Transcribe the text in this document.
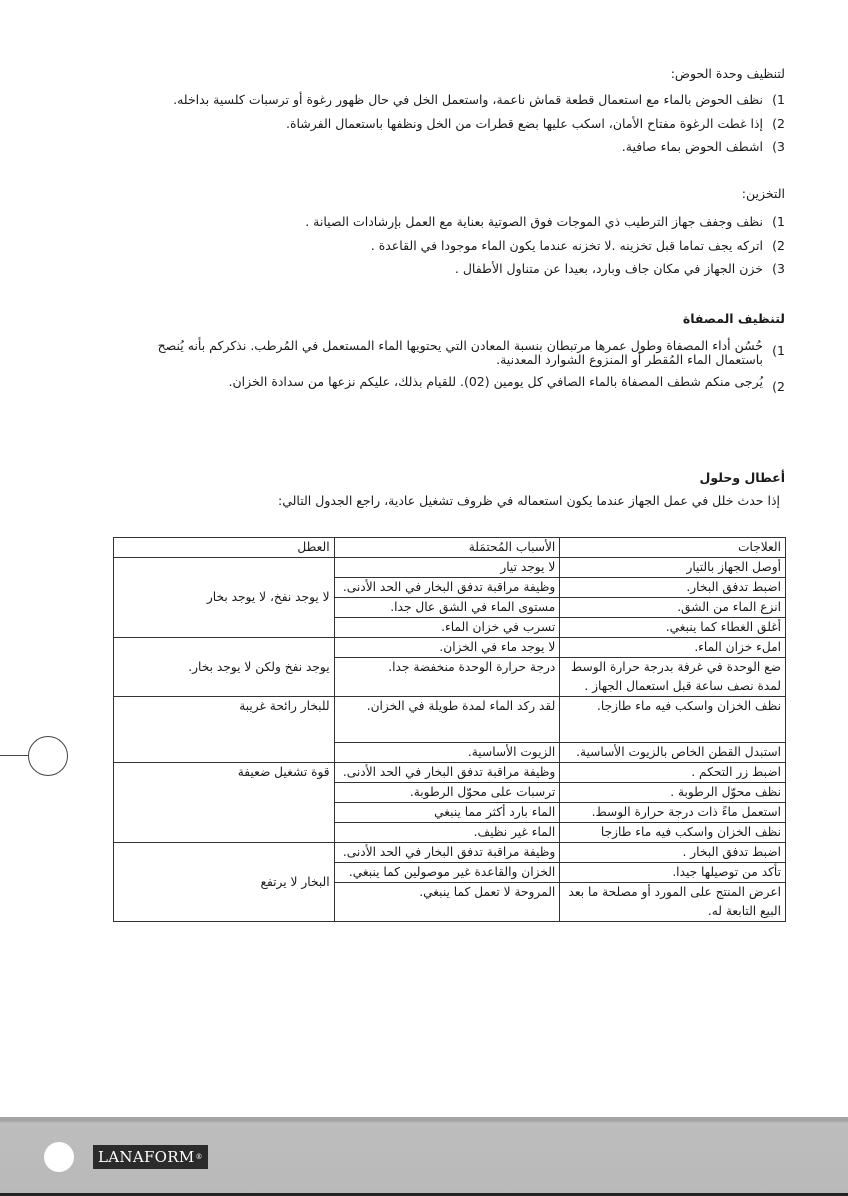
لتنظيف وحدة الحوض:
1)
نظف الحوض بالماء مع استعمال قطعة قماش ناعمة، واستعمل الخل في حال ظهور رغوة أو ترسبات كلسية بداخله.
2)
إذا غطت الرغوة مفتاح الأمان، اسكب عليها بضع قطرات من الخل ونظفها باستعمال الفرشاة.
3)
اشطف الحوض بماء صافية.
التخزين:
1)
نظف وجفف جهاز الترطيب ذي الموجات فوق الصوتية بعناية مع العمل بإرشادات الصيانة .
2)
اتركه يجف تماما قبل تخزينه .لا تخزنه عندما يكون الماء موجودا في القاعدة .
3)
خزن الجهاز في مكان جاف وبارد، بعيدا عن متناول الأطفال .
لتنظيف المصفاة
1)
حُسُن أداء المصفاة وطول عمرها مرتبطان بنسبة المعادن التي يحتويها الماء المستعمل في المُرطب. نذكركم بأنه يُنصح باستعمال الماء المُقطر أو المنزوع الشوارد المعدنية.
2)
يُرجى منكم شطف المصفاة بالماء الصافي كل يومين (02). للقيام بذلك، عليكم نزعها من سدادة الخزان.
أعطال وحلول
إذا حدث خلل في عمل الجهاز عندما يكون استعماله في ظروف تشغيل عادية، راجع الجدول التالي:
العلاجات	الأسباب المُحتمَلة	العطل
أوصل الجهاز بالتيار	لا يوجد تيار	لا يوجد نفخ، لا يوجد بخار
اضبط تدفق البخار.	وظيفة مراقبة تدفق البخار في الحد الأدنى.	
انزع الماء من الشق.	مستوى الماء في الشق عال جدا.	
أغلق الغطاء كما ينبغي.	تسرب في خزان الماء.	
املء خزان الماء.	لا يوجد ماء في الخزان.	يوجد نفخ ولكن لا يوجد بخار.
ضع الوحدة في غرفة بدرجة حرارة الوسط لمدة نصف ساعة قبل استعمال الجهاز .	درجة حرارة الوحدة منخفضة جدا.	
نظف الخزان واسكب فيه ماء طازجا.	لقد ركد الماء لمدة طويلة في الخزان.	للبخار رائحة غريبة
استبدل القطن الخاص بالزيوت الأساسية.	الزيوت الأساسية.	
اضبط زر التحكم .	وظيفة مراقبة تدفق البخار في الحد الأدنى.	قوة تشغيل ضعيفة
نظف محوّل الرطوبة .	ترسبات على محوّل الرطوبة.	
استعمل ماءً ذات درجة حرارة الوسط.	الماء بارد أكثر مما ينبغي	
نظف الخزان واسكب فيه ماء طازجا	الماء غير نظيف.	
اضبط تدفق البخار .	وظيفة مراقبة تدفق البخار في الحد الأدنى.	البخار لا يرتفع
تأكد من توصيلها جيدا.	الخزان والقاعدة غير موصولين كما ينبغي.	
اعرض المنتج على المورد أو مصلحة ما بعد البيع التابعة له.	المروحة لا تعمل كما ينبغي.	
LANAFORM ®
